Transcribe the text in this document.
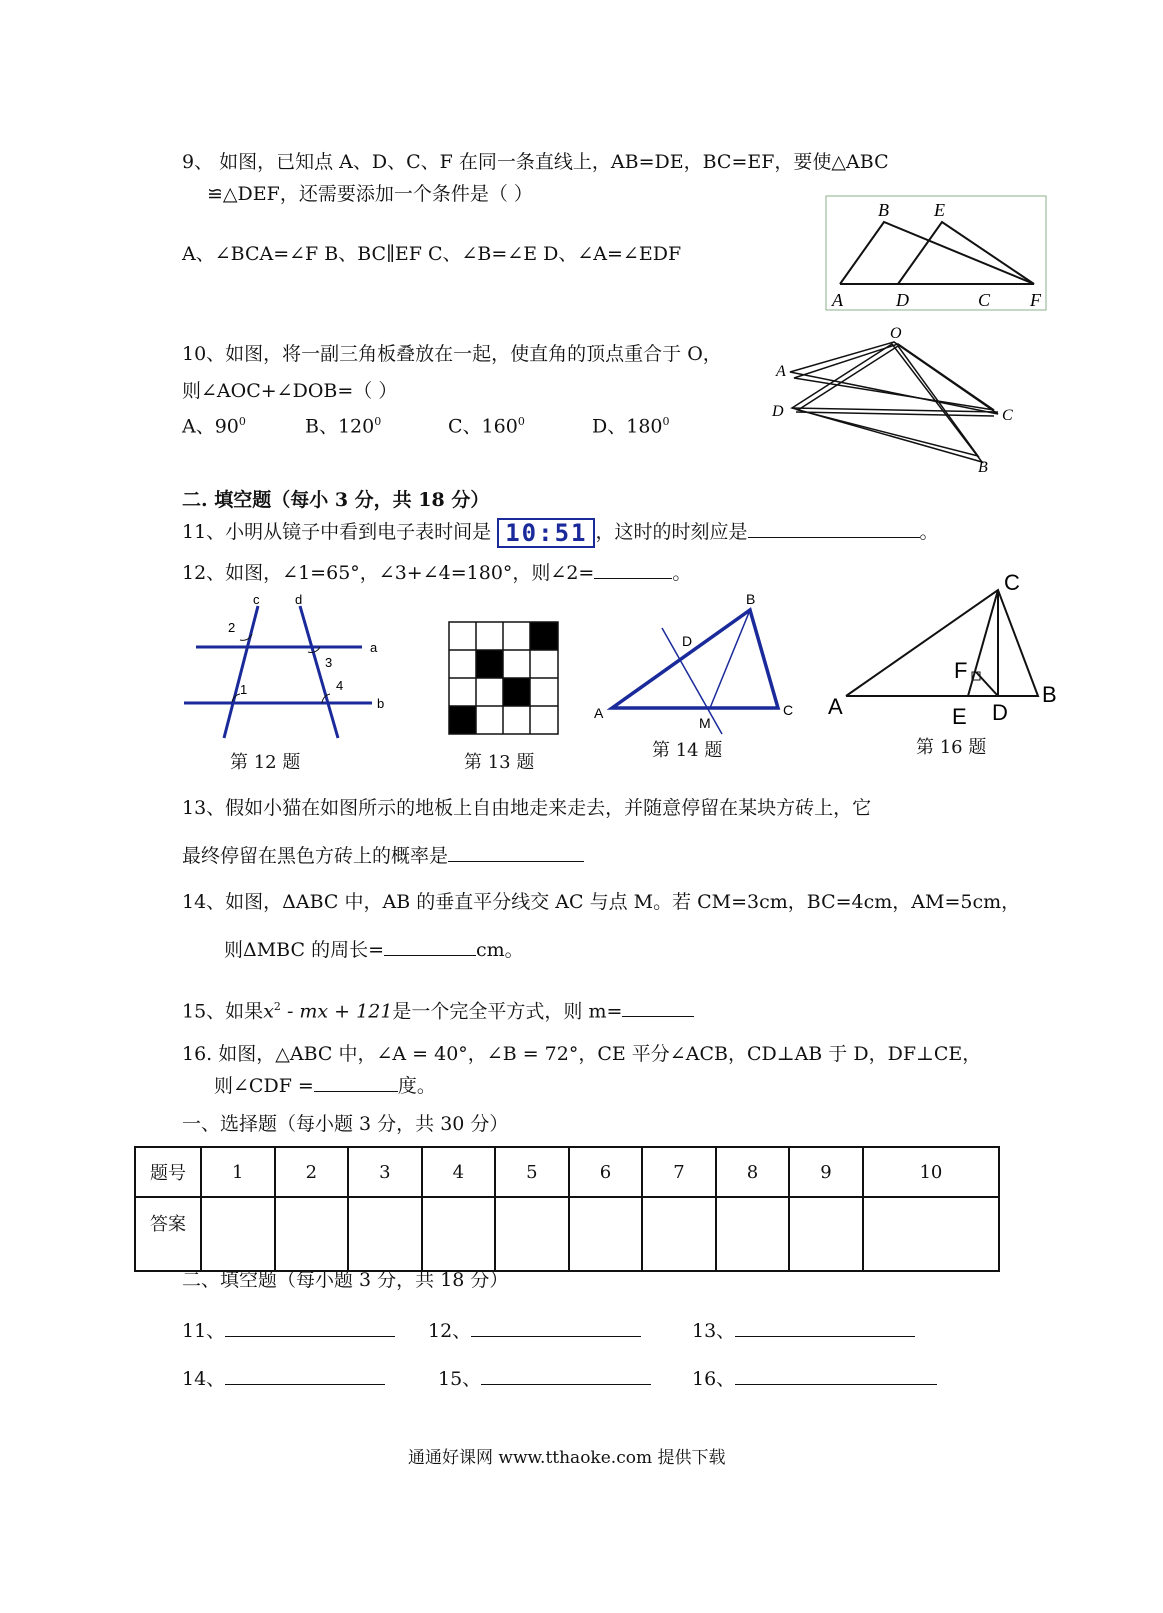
9、 如图，已知点 A、D、C、F 在同一条直线上，AB=DE，BC=EF，要使△ABC
≌△DEF，还需要添加一个条件是（ ）
A、∠BCA=∠F B、BC∥EF C、∠B=∠E D、∠A=∠EDF
B	E
A	D	C F
10、如图，将一副三角板叠放在一起，使直角的顶点重合于 O，
则∠AOC+∠DOB=（ ）
A、$90^0$	B、$120^0$	C、$160^0$	D、$180^0$
O
A
D	C
B
二. 填空题（每小 3 分，共 18 分）
11、小明从镜子中看到电子表时间是 10:51 ，这时的时刻应是	。
12、如图，∠1=65°，∠3+∠4=180°，则∠2=	。
c	d
a
b
1
2
3
4
第 12 题	第 13 题
A
B
C
D
M
第 14 题
A
C
B
F
E D
第 16 题
13、假如小猫在如图所示的地板上自由地走来走去，并随意停留在某块方砖上，它
最终停留在黑色方砖上的概率是
14、如图，ΔABC 中，AB 的垂直平分线交 AC 与点 M。若 CM=3cm，BC=4cm，AM=5cm，
则ΔMBC 的周长=	cm。
15、如果$x^2$ - mx + 121是一个完全平方式，则 m=
16. 如图，△ABC 中，∠A = 40°，∠B = 72°，CE 平分∠ACB，CD⊥AB 于 D，DF⊥CE，
则∠CDF =	度。
一、选择题（每小题 3 分，共 30 分）
题号	1	2	3	4	5	6	7	8	9	10
答案										
二、填空题（每小题 3 分，共 18 分）
11、	12、	13、
14、	15、	16、
通通好课网 www.tthaoke.com 提供下载
